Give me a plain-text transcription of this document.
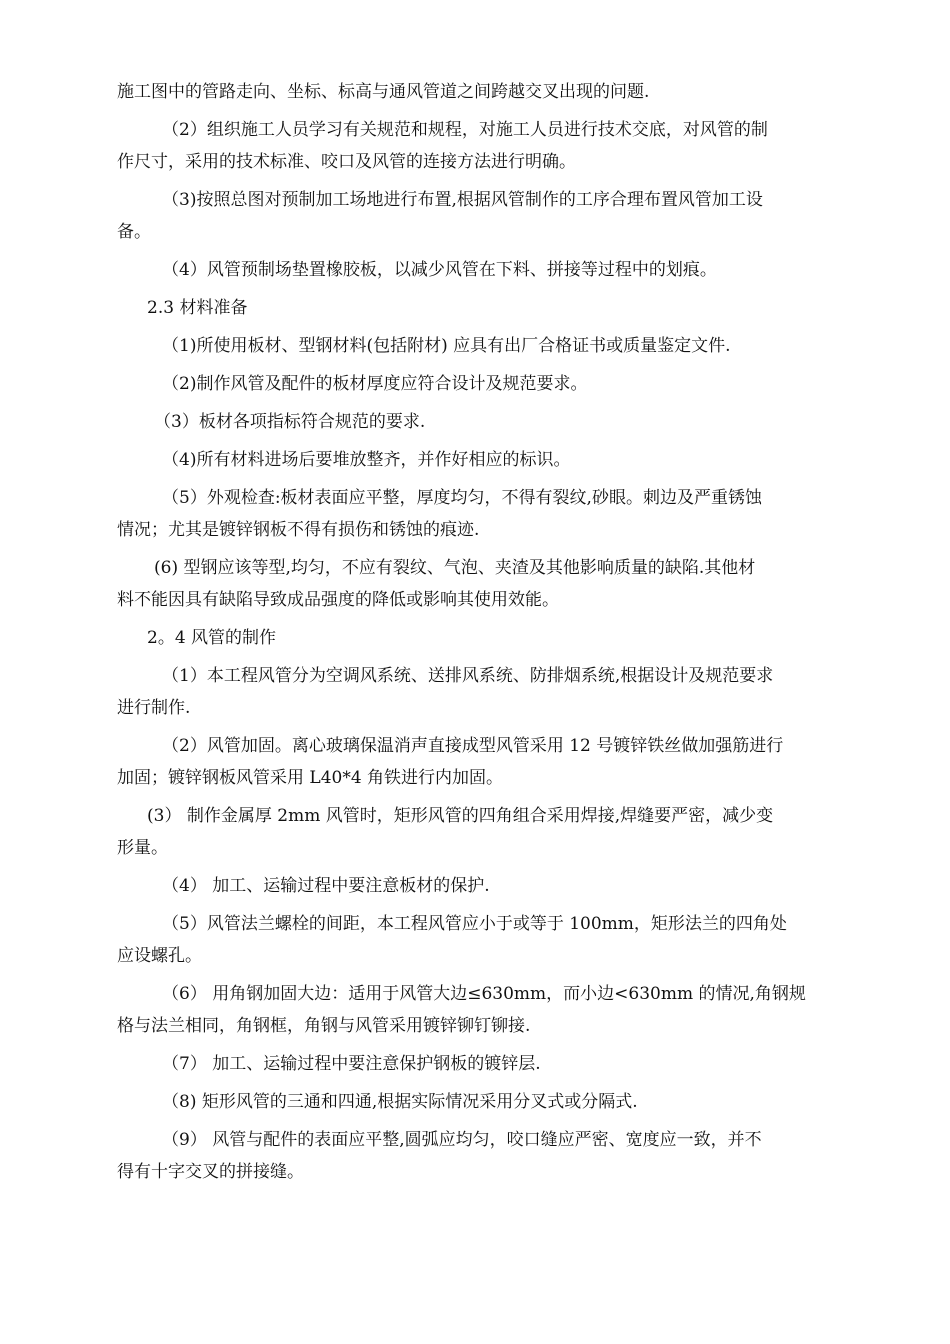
施工图中的管路走向、坐标、标高与通风管道之间跨越交叉出现的问题.
（2）组织施工人员学习有关规范和规程，对施工人员进行技术交底，对风管的制
作尺寸，采用的技术标准、咬口及风管的连接方法进行明确。
（3)按照总图对预制加工场地进行布置,根据风管制作的工序合理布置风管加工设
备。
（4）风管预制场垫置橡胶板，以减少风管在下料、拼接等过程中的划痕。
2.3 材料准备
（1)所使用板材、型钢材料(包括附材) 应具有出厂合格证书或质量鉴定文件.
（2)制作风管及配件的板材厚度应符合设计及规范要求。
（3）板材各项指标符合规范的要求.
（4)所有材料进场后要堆放整齐，并作好相应的标识。
（5）外观检查:板材表面应平整，厚度均匀，不得有裂纹,砂眼。刺边及严重锈蚀
情况；尤其是镀锌钢板不得有损伤和锈蚀的痕迹.
(6) 型钢应该等型,均匀，不应有裂纹、气泡、夹渣及其他影响质量的缺陷.其他材
料不能因具有缺陷导致成品强度的降低或影响其使用效能。
2。4 风管的制作
（1）本工程风管分为空调风系统、送排风系统、防排烟系统,根据设计及规范要求
进行制作.
（2）风管加固。离心玻璃保温消声直接成型风管采用 12 号镀锌铁丝做加强筋进行
加固；镀锌钢板风管采用 L40*4 角铁进行内加固。
(3） 制作金属厚 2mm 风管时，矩形风管的四角组合采用焊接,焊缝要严密，减少变
形量。
（4） 加工、运输过程中要注意板材的保护.
（5）风管法兰螺栓的间距，本工程风管应小于或等于 100mm，矩形法兰的四角处
应设螺孔。
（6） 用角钢加固大边：适用于风管大边≤630mm，而小边<630mm 的情况,角钢规
格与法兰相同，角钢框，角钢与风管采用镀锌铆钉铆接.
（7） 加工、运输过程中要注意保护钢板的镀锌层.
（8) 矩形风管的三通和四通,根据实际情况采用分叉式或分隔式.
（9） 风管与配件的表面应平整,圆弧应均匀，咬口缝应严密、宽度应一致，并不
得有十字交叉的拼接缝。
